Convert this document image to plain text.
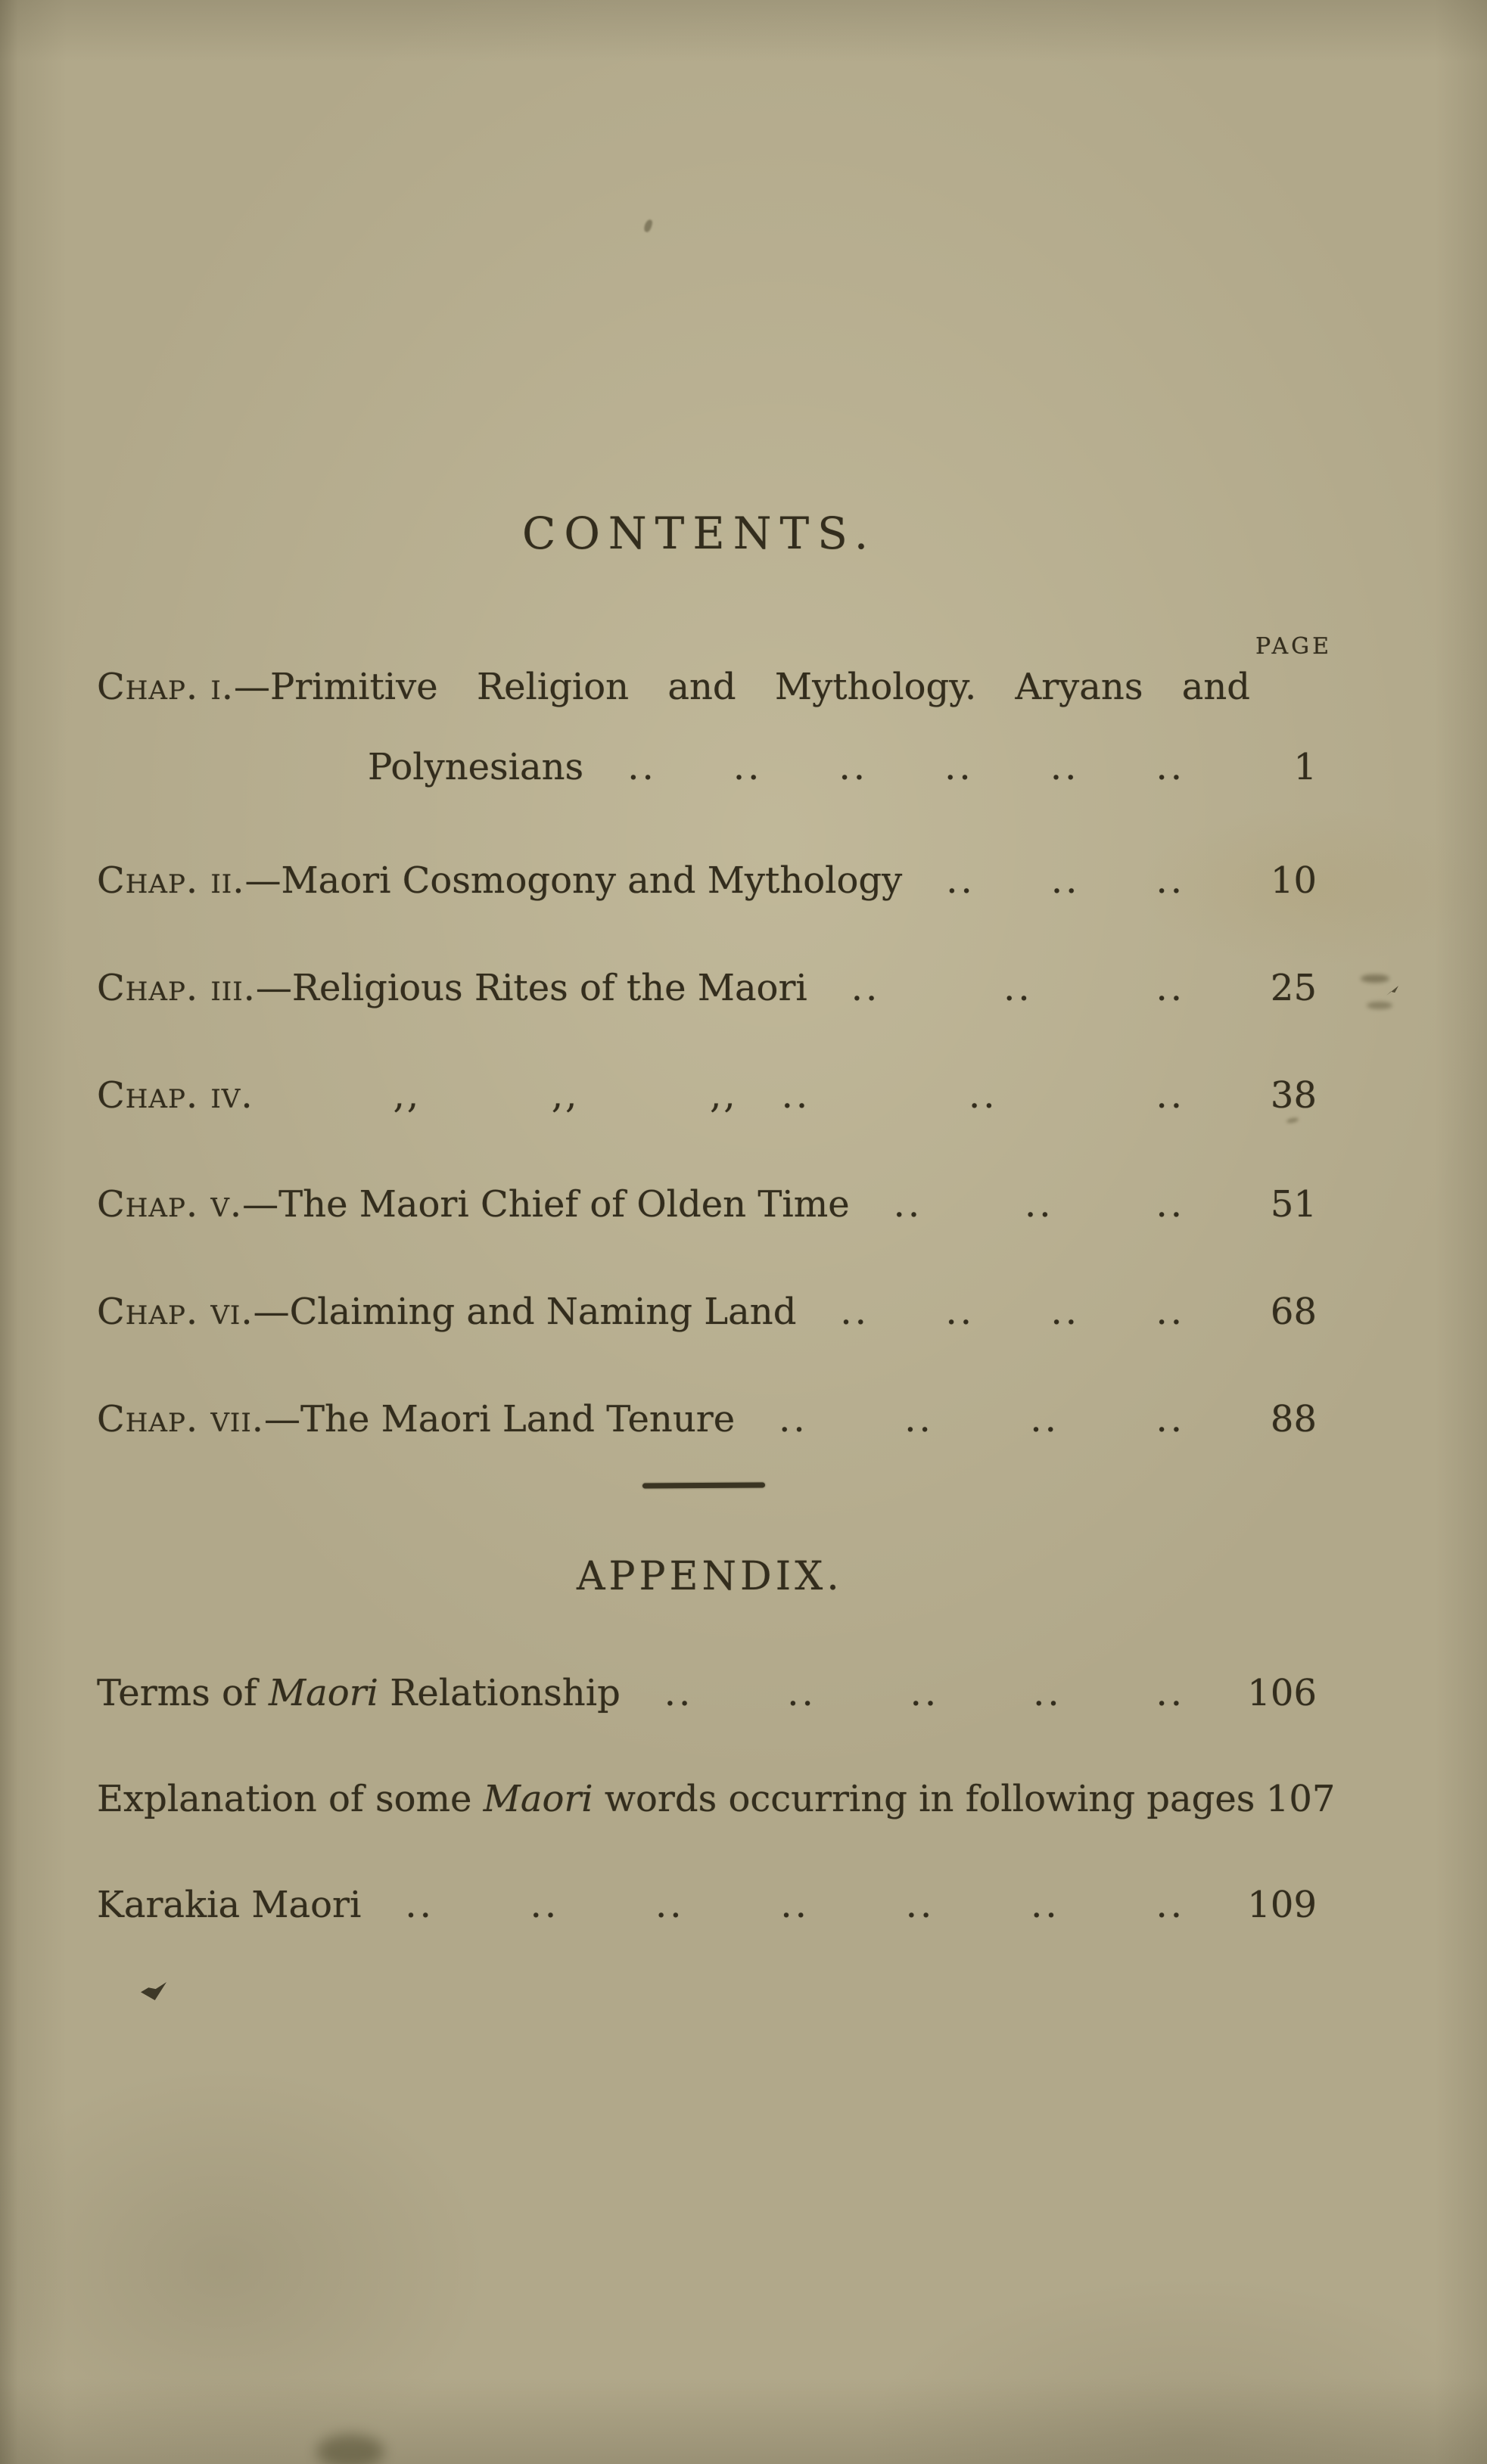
CONTENTS.
PAGE
Chap. i.—Primitive Religion and Mythology. Aryans and
Polynesians	.. .. .. .. .. ..	1
Chap. ii.—Maori Cosmogony and Mythology	.. .. ..	10
Chap. iii.—Religious Rites of the Maori	.. .. ..	25
Chap. iv.	,, ,, ,,	.. .. ..	38
Chap. v.—The Maori Chief of Olden Time	.. .. ..	51
Chap. vi.—Claiming and Naming Land	.. .. .. ..	68
Chap. vii.—The Maori Land Tenure	.. .. .. ..	88
APPENDIX.
Terms of Maori Relationship	.. .. .. .. ..	106
Explanation of some Maori words occurring in following pages 107
Karakia Maori	.. .. .. .. .. .. ..	109
